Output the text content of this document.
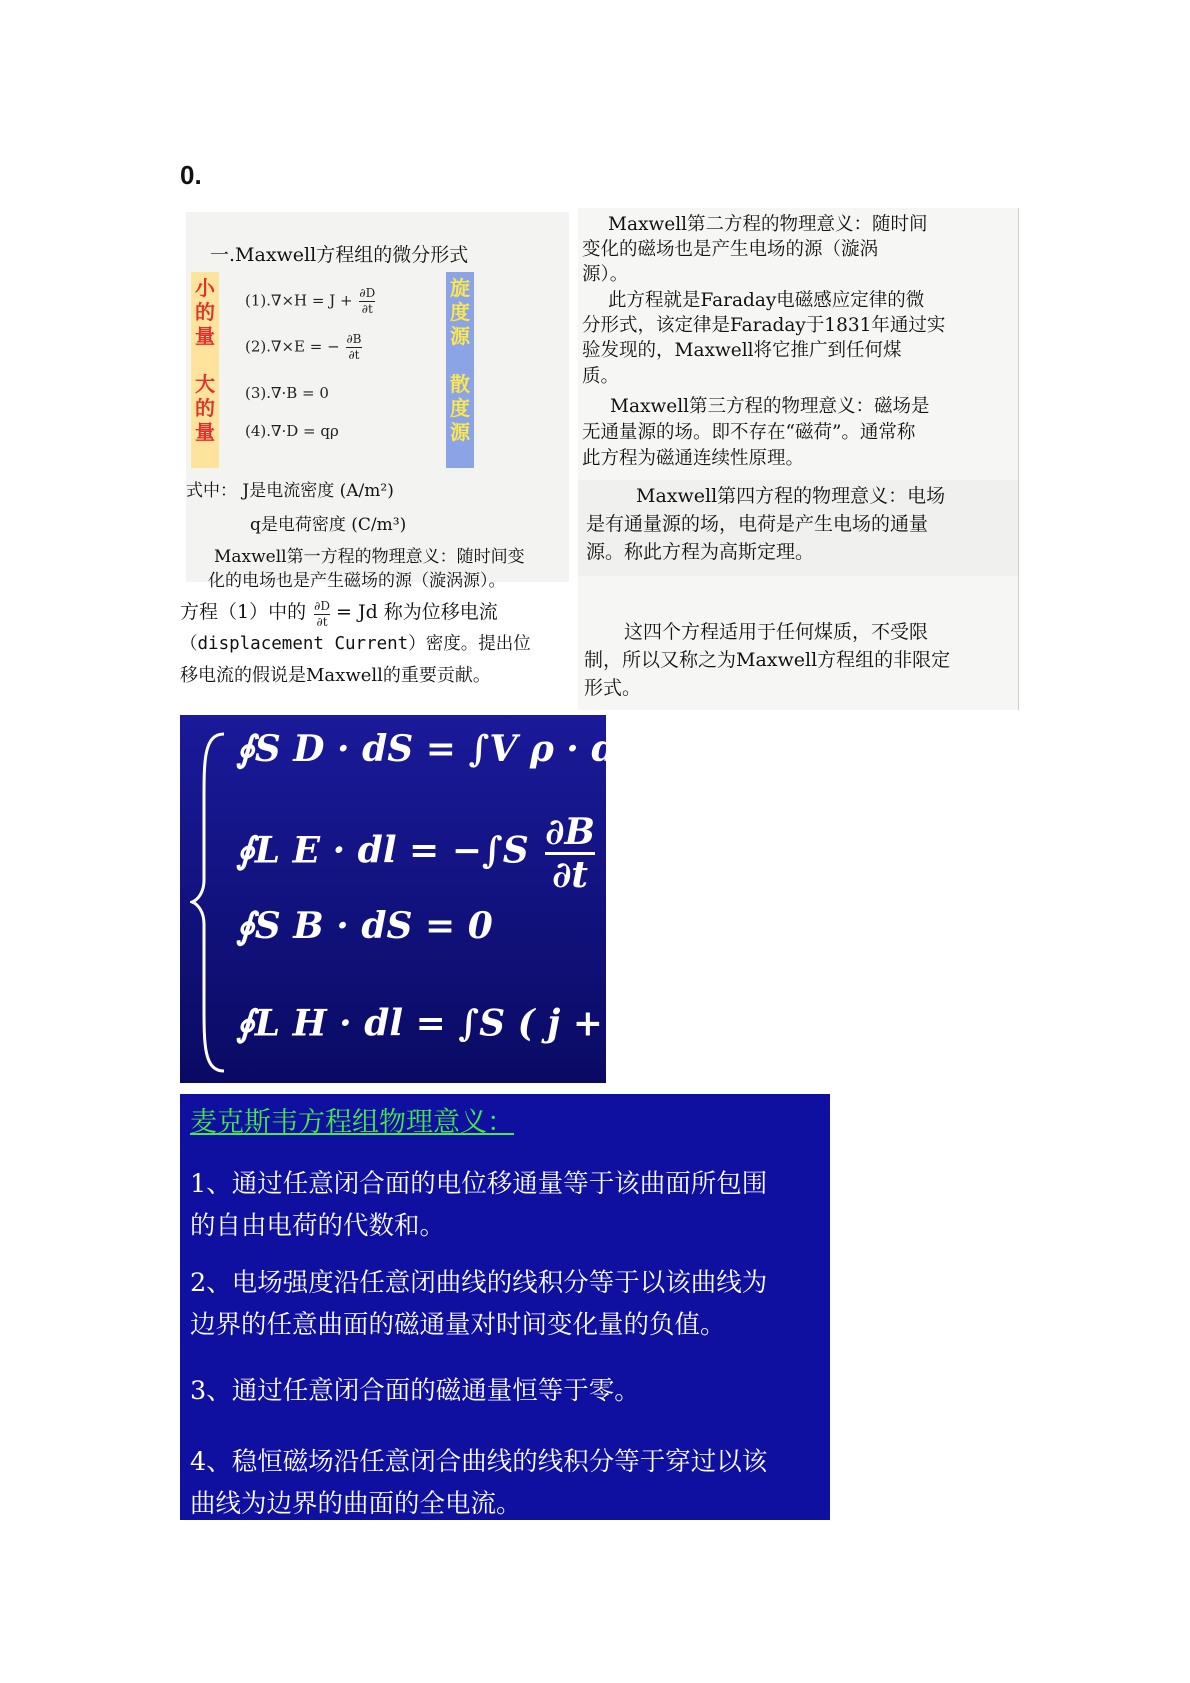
0.
一.Maxwell方程组的微分形式
小
的
量
大
的
量
旋
度
源
散
度
源
$(1).\nabla\times H = J + \frac{\partial D}{\partial t}$
(2).∇×E = − $\frac{\partial B}{\partial t}$
(3).∇·B = 0
(4).∇·D = qρ
式中： J是电流密度 (A/m²)
q是电荷密度 (C/m³)
Maxwell第一方程的物理意义：随时间变
化的电场也是产生磁场的源（漩涡源）。
方程（1）中的 $\frac{\partial D}{\partial t} = Jd$ 称为位移电流
（displacement Current）密度。提出位
移电流的假说是Maxwell的重要贡献。
Maxwell第二方程的物理意义：随时间
变化的磁场也是产生电场的源（漩涡
源）。
此方程就是Faraday电磁感应定律的微
分形式，该定律是Faraday于1831年通过实
验发现的，Maxwell将它推广到任何煤
质。
Maxwell第三方程的物理意义：磁场是
无通量源的场。即不存在“磁荷”。通常称
此方程为磁通连续性原理。
Maxwell第四方程的物理意义：电场
是有通量源的场，电荷是产生电场的通量
源。称此方程为高斯定理。
这四个方程适用于任何煤质，不受限
制，所以又称之为Maxwell方程组的非限定
形式。
∮S D · dS = ∫V ρ · dV
∮L E · dl = $-\int S \frac{\partial B}{\partial t}$ · dS
∮S B · dS = 0
∮L H · dl = ∫S ( $j + \frac{\partial D}{\partial t}$ ) · dS
麦克斯韦方程组物理意义：
1、通过任意闭合面的电位移通量等于该曲面所包围
的自由电荷的代数和。
2、电场强度沿任意闭曲线的线积分等于以该曲线为
边界的任意曲面的磁通量对时间变化量的负值。
3、通过任意闭合面的磁通量恒等于零。
4、稳恒磁场沿任意闭合曲线的线积分等于穿过以该
曲线为边界的曲面的全电流。
